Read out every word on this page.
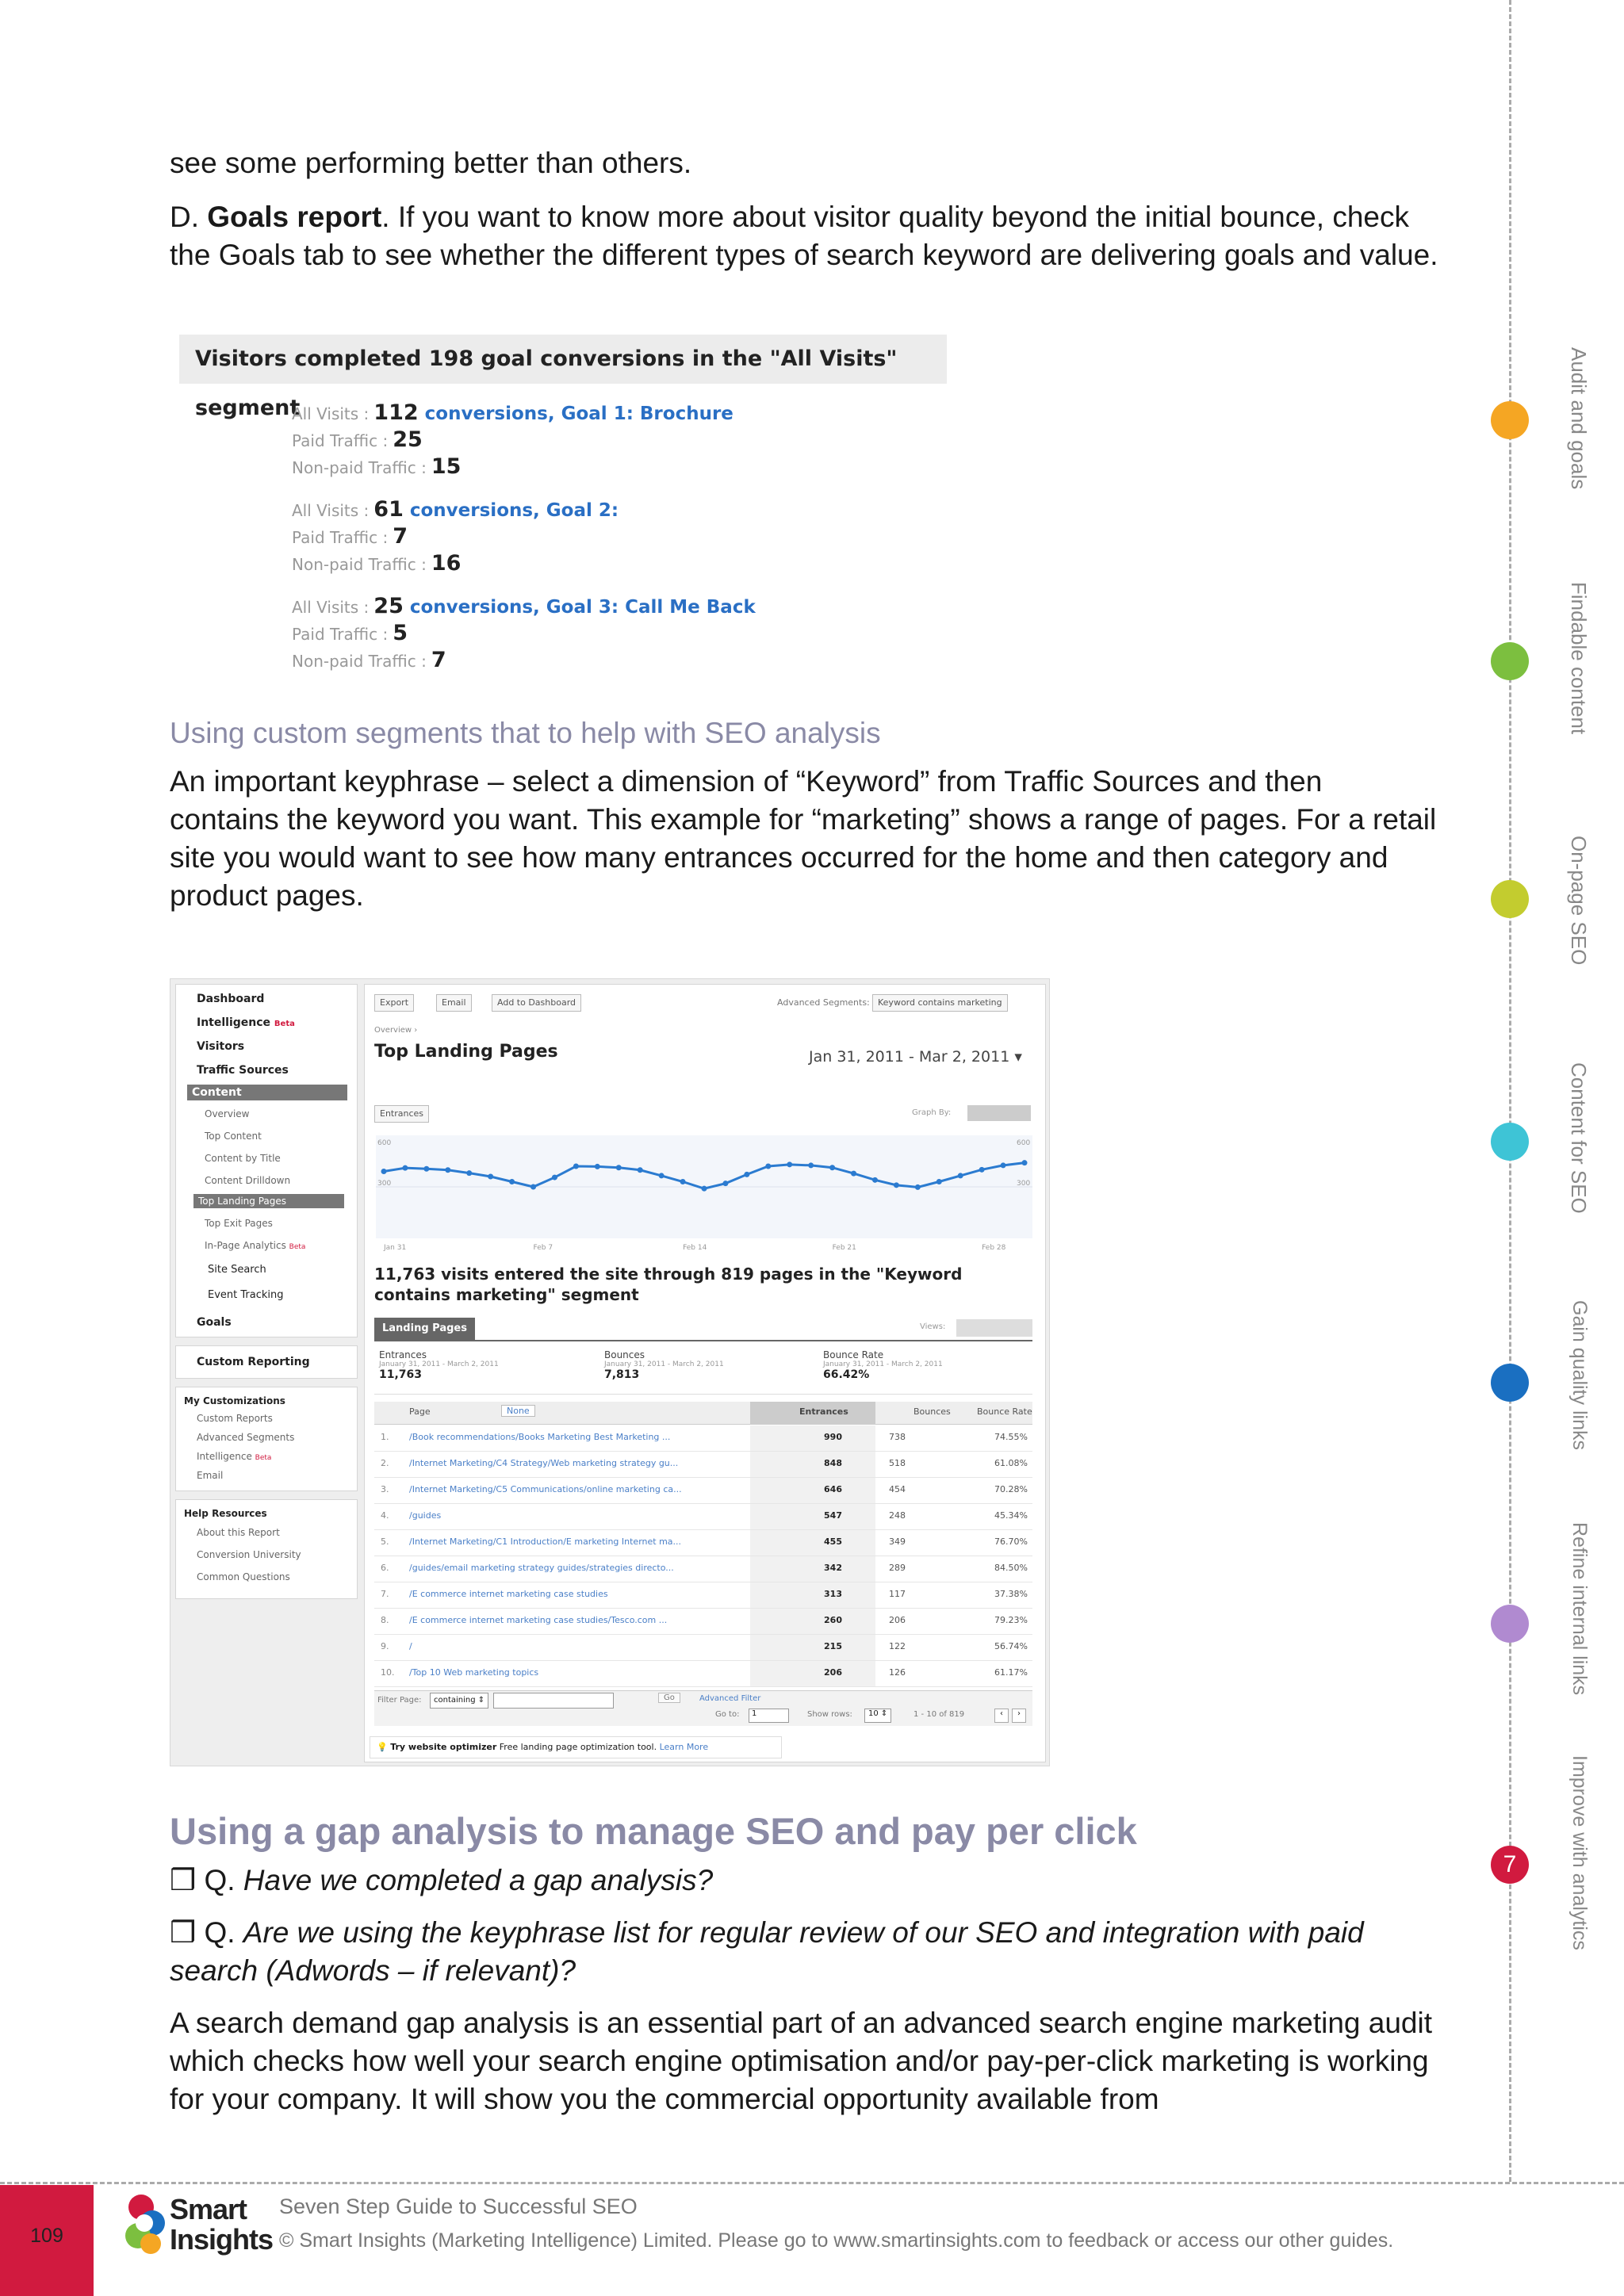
see some performing better than others.
D. Goals report. If you want to know more about visitor quality beyond the initial bounce, check the Goals tab to see whether the different types of search keyword are delivering goals and value.
Visitors completed 198 goal conversions in the "All Visits" segment
All Visits : 112 conversions, Goal 1: Brochure
Paid Traffic : 25
Non-paid Traffic : 15
All Visits : 61 conversions, Goal 2:
Paid Traffic : 7
Non-paid Traffic : 16
All Visits : 25 conversions, Goal 3: Call Me Back
Paid Traffic : 5
Non-paid Traffic : 7
Using custom segments that to help with SEO analysis
An important keyphrase – select a dimension of “Keyword” from Traffic Sources and then contains the keyword you want. This example for “marketing” shows a range of pages. For a retail site you would want to see how many entrances occurred for the home and then category and product pages.
Dashboard
Intelligence Beta
Visitors
Traffic Sources
Content
Overview
Top Content
Content by Title
Content Drilldown
Top Landing Pages
Top Exit Pages
In-Page Analytics Beta
Site Search
Event Tracking
Goals
Custom Reporting
My Customizations
Custom Reports
Advanced Segments
Intelligence Beta
Email
Help Resources
About this Report
Conversion University
Common Questions
Export	Email	Add to Dashboard	Advanced Segments: Keyword contains marketing
Overview ›
Top Landing Pages	Jan 31, 2011 - Mar 2, 2011 ▾
Entrances	Graph By:
600	600
300	300
Jan 31	Feb 7	Feb 14	Feb 21	Feb 28
11,763 visits entered the site through 819 pages in the "Keyword contains marketing" segment
Landing Pages	Views:
Entrances
January 31, 2011 - March 2, 2011
11,763
Bounces
January 31, 2011 - March 2, 2011
7,813
Bounce Rate
January 31, 2011 - March 2, 2011
66.42%
Page	None	Entrances	Bounces	Bounce Rate
1. /Book recommendations/Books Marketing Best Marketing ...	990	738	74.55%
2. /Internet Marketing/C4 Strategy/Web marketing strategy gu...	848	518	61.08%
3. /Internet Marketing/C5 Communications/online marketing ca...	646	454	70.28%
4. /guides	547	248	45.34%
5. /Internet Marketing/C1 Introduction/E marketing Internet ma...	455	349	76.70%
6. /guides/email marketing strategy guides/strategies directo...	342	289	84.50%
7. /E commerce internet marketing case studies	313	117	37.38%
8. /E commerce internet marketing case studies/Tesco.com ...	260	206	79.23%
9. /	215	122	56.74%
10. /Top 10 Web marketing topics	206	126	61.17%
Filter Page:	containing ⇕	Go	Advanced Filter
Go to:	1	Show rows:	10 ⇕	1 - 10 of 819	‹	›
💡 Try website optimizer Free landing page optimization tool. Learn More
Using a gap analysis to manage SEO and pay per click
❒ Q. Have we completed a gap analysis?
❒ Q. Are we using the keyphrase list for regular review of our SEO and integration with paid search (Adwords – if relevant)?
A search demand gap analysis is an essential part of an advanced search engine marketing audit which checks how well your search engine optimisation and/or pay-per-click marketing is working for your company. It will show you the commercial opportunity available from
7
Audit and goals
Findable content
On-page SEO
Content for SEO
Gain quality links
Refine internal links
Improve with analytics
109
Smart
Insights
Seven Step Guide to Successful SEO
© Smart Insights (Marketing Intelligence) Limited. Please go to www.smartinsights.com to feedback or access our other guides.
